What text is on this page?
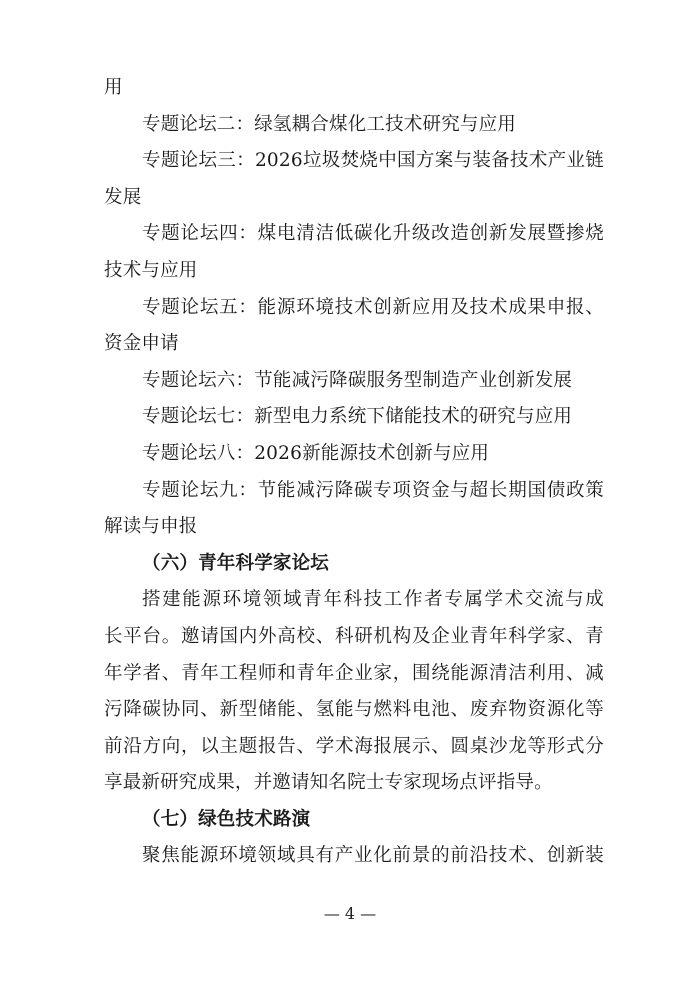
用
专题论坛二：绿氢耦合煤化工技术研究与应用
专题论坛三：2026垃圾焚烧中国方案与装备技术产业链
发展
专题论坛四：煤电清洁低碳化升级改造创新发展暨掺烧
技术与应用
专题论坛五：能源环境技术创新应用及技术成果申报、
资金申请
专题论坛六：节能减污降碳服务型制造产业创新发展
专题论坛七：新型电力系统下储能技术的研究与应用
专题论坛八：2026新能源技术创新与应用
专题论坛九：节能减污降碳专项资金与超长期国债政策
解读与申报
（六）青年科学家论坛
搭建能源环境领域青年科技工作者专属学术交流与成
长平台。邀请国内外高校、科研机构及企业青年科学家、青
年学者、青年工程师和青年企业家，围绕能源清洁利用、减
污降碳协同、新型储能、氢能与燃料电池、废弃物资源化等
前沿方向，以主题报告、学术海报展示、圆桌沙龙等形式分
享最新研究成果，并邀请知名院士专家现场点评指导。
（七）绿色技术路演
聚焦能源环境领域具有产业化前景的前沿技术、创新装
— 4 —
